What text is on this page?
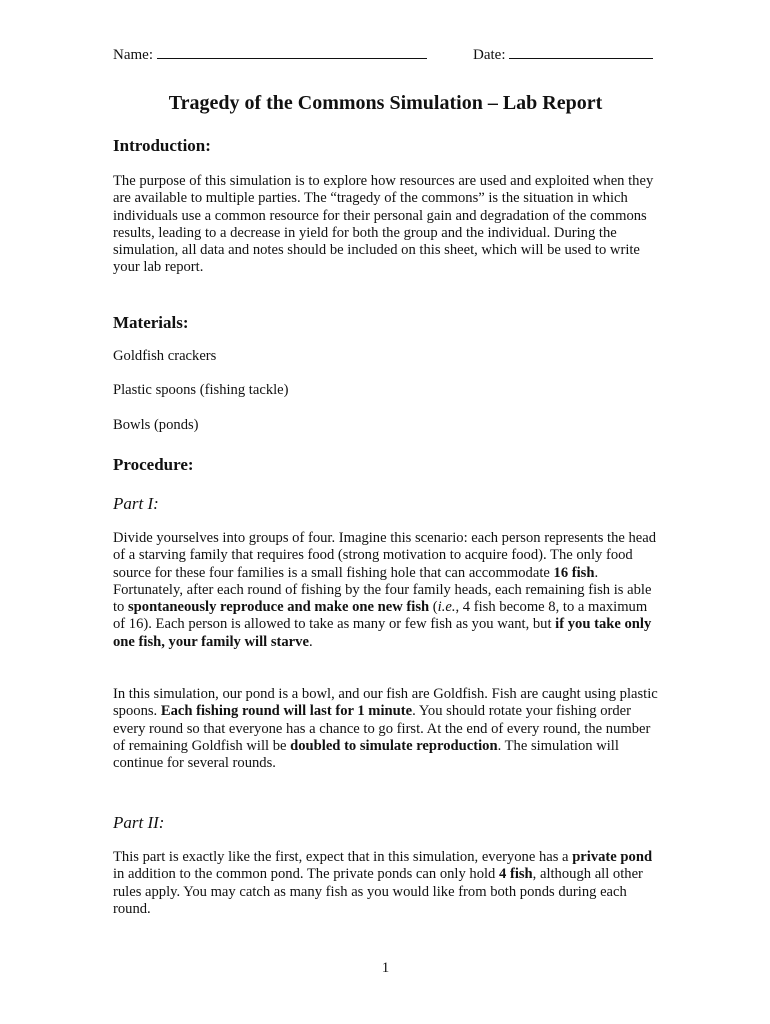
Name:	Date:
Tragedy of the Commons Simulation – Lab Report
Introduction:

The purpose of this simulation is to explore how resources are used and exploited when they are available to multiple parties. The “tragedy of the commons” is the situation in which individuals use a common resource for their personal gain and degradation of the commons results, leading to a decrease in yield for both the group and the individual. During the simulation, all data and notes should be included on this sheet, which will be used to write your lab report.

Materials:

Goldfish crackers

Plastic spoons (fishing tackle)

Bowls (ponds)

Procedure:
Part I:

Divide yourselves into groups of four. Imagine this scenario: each person represents the head of a starving family that requires food (strong motivation to acquire food). The only food source for these four families is a small fishing hole that can accommodate 16 fish. Fortunately, after each round of fishing by the four family heads, each remaining fish is able to spontaneously reproduce and make one new fish (i.e., 4 fish become 8, to a maximum of 16). Each person is allowed to take as many or few fish as you want, but if you take only one fish, your family will starve.

In this simulation, our pond is a bowl, and our fish are Goldfish. Fish are caught using plastic spoons. Each fishing round will last for 1 minute. You should rotate your fishing order every round so that everyone has a chance to go first. At the end of every round, the number of remaining Goldfish will be doubled to simulate reproduction. The simulation will continue for several rounds.

Part II:

This part is exactly like the first, expect that in this simulation, everyone has a private pond in addition to the common pond. The private ponds can only hold 4 fish, although all other rules apply. You may catch as many fish as you would like from both ponds during each round.

1
